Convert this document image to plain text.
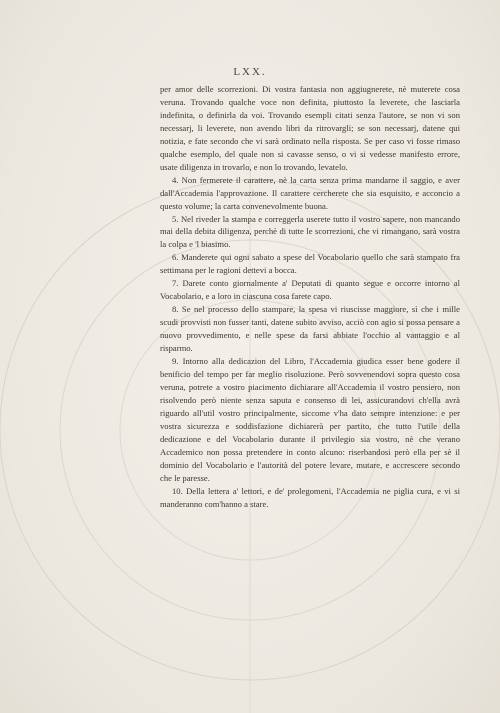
LXX.

per amor delle scorrezioni. Di vostra fantasia non aggiugnerete, nè muterete cosa veruna. Trovando qualche voce non definita, piuttosto la leverete, che lasciarla indefinita, o definirla da voi. Trovando esempli citati senza l'autore, se non vi son necessarj, li leverete, non avendo libri da ritrovargli; se son necessarj, datene qui notizia, e fate secondo che vi sarà ordinato nella risposta. Se per caso vi fosse rimaso qualche esemplo, del quale non si cavasse senso, o vi si vedesse manifesto errore, usate diligenza in trovarlo, e non lo trovando, levatelo.

4. Non fermerete il carattere, nè la carta senza prima mandarne il saggio, e aver dall'Accademia l'approvazione. Il carattere cercherete che sia esquisito, e acconcio a questo volume; la carta convenevolmente buona.

5. Nel riveder la stampa e correggerla userete tutto il vostro sapere, non mancando mai della debita diligenza, perchè di tutte le scorrezioni, che vi rimangano, sarà vostra la colpa e 'l biasimo.

6. Manderete qui ogni sabato a spese del Vocabolario quello che sarà stampato fra settimana per le ragioni dettevi a bocca.

7. Darete conto giornalmente a' Deputati di quanto segue e occorre intorno al Vocabolario, e a loro in ciascuna cosa farete capo.

8. Se nel processo dello stampare, la spesa vi riuscisse maggiore, sì che i mille scudi provvisti non fusser tanti, datene subito avviso, acciò con agio si possa pensare a nuovo provvedimento, e nelle spese da farsi abbiate l'occhio al vantaggio e al risparmo.

9. Intorno alla dedicazion del Libro, l'Accademia giudica esser bene godere il benificio del tempo per far meglio risoluzione. Però sovvenendovi sopra questo cosa veruna, potrete a vostro piacimento dichiarare all'Accademia il vostro pensiero, non risolvendo però niente senza saputa e consenso di lei, assicurandovi ch'ella avrà riguardo all'util vostro principalmente, siccome v'ha dato sempre intenzione: e per vostra sicurezza e soddisfazione dichiarerà per partito, che tutto l'utile della dedicazione e del Vocabolario durante il privilegio sia vostro, nè che verano Accademico non possa pretendere in conto alcuno: riserbandosi però ella per sè il dominio del Vocabolario e l'autorità del potere levare, mutare, e accrescere secondo che le paresse.

10. Della lettera a' lettori, e de' prolegomeni, l'Accademia ne piglia cura, e vi si manderanno com'hanno a stare.
